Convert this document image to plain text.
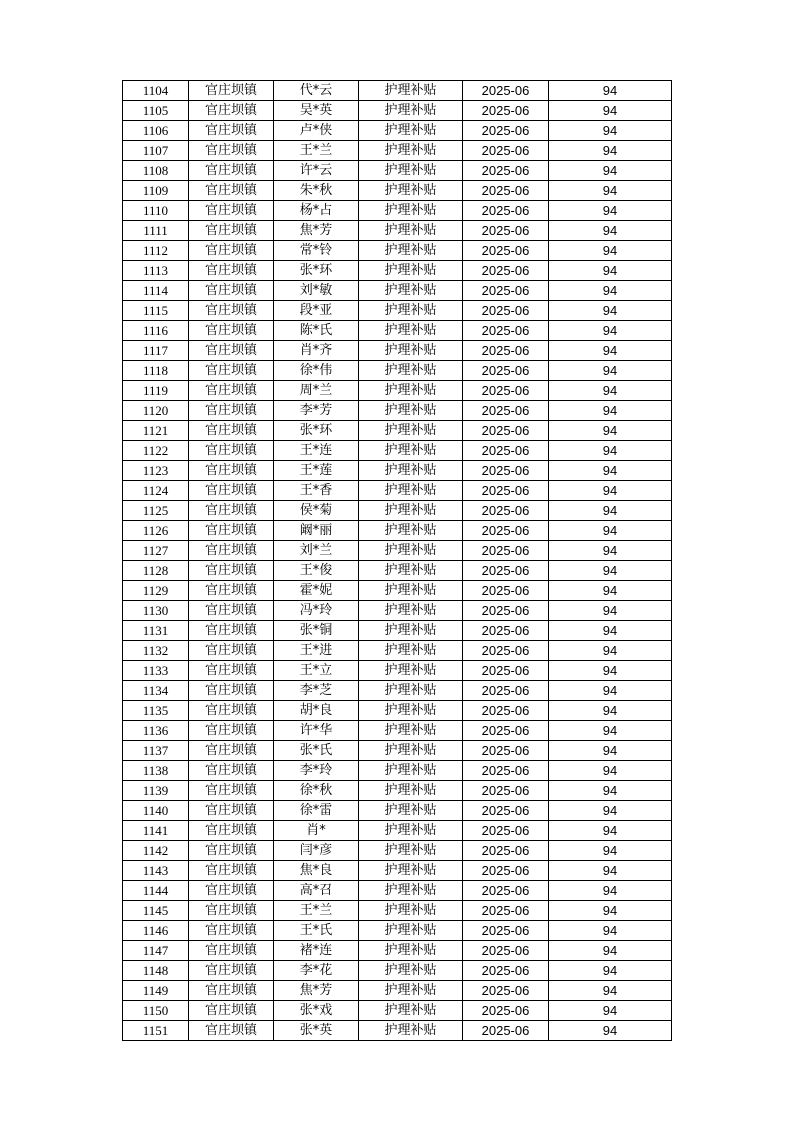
1104	官庄坝镇	代*云	护理补贴	2025-06	94
1105	官庄坝镇	吴*英	护理补贴	2025-06	94
1106	官庄坝镇	卢*侠	护理补贴	2025-06	94
1107	官庄坝镇	王*兰	护理补贴	2025-06	94
1108	官庄坝镇	许*云	护理补贴	2025-06	94
1109	官庄坝镇	朱*秋	护理补贴	2025-06	94
1110	官庄坝镇	杨*占	护理补贴	2025-06	94
1111	官庄坝镇	焦*芳	护理补贴	2025-06	94
1112	官庄坝镇	常*铃	护理补贴	2025-06	94
1113	官庄坝镇	张*环	护理补贴	2025-06	94
1114	官庄坝镇	刘*敏	护理补贴	2025-06	94
1115	官庄坝镇	段*亚	护理补贴	2025-06	94
1116	官庄坝镇	陈*氏	护理补贴	2025-06	94
1117	官庄坝镇	肖*齐	护理补贴	2025-06	94
1118	官庄坝镇	徐*伟	护理补贴	2025-06	94
1119	官庄坝镇	周*兰	护理补贴	2025-06	94
1120	官庄坝镇	李*芳	护理补贴	2025-06	94
1121	官庄坝镇	张*环	护理补贴	2025-06	94
1122	官庄坝镇	王*连	护理补贴	2025-06	94
1123	官庄坝镇	王*莲	护理补贴	2025-06	94
1124	官庄坝镇	王*香	护理补贴	2025-06	94
1125	官庄坝镇	侯*菊	护理补贴	2025-06	94
1126	官庄坝镇	阚*丽	护理补贴	2025-06	94
1127	官庄坝镇	刘*兰	护理补贴	2025-06	94
1128	官庄坝镇	王*俊	护理补贴	2025-06	94
1129	官庄坝镇	霍*妮	护理补贴	2025-06	94
1130	官庄坝镇	冯*玲	护理补贴	2025-06	94
1131	官庄坝镇	张*铜	护理补贴	2025-06	94
1132	官庄坝镇	王*进	护理补贴	2025-06	94
1133	官庄坝镇	王*立	护理补贴	2025-06	94
1134	官庄坝镇	李*芝	护理补贴	2025-06	94
1135	官庄坝镇	胡*良	护理补贴	2025-06	94
1136	官庄坝镇	许*华	护理补贴	2025-06	94
1137	官庄坝镇	张*氏	护理补贴	2025-06	94
1138	官庄坝镇	李*玲	护理补贴	2025-06	94
1139	官庄坝镇	徐*秋	护理补贴	2025-06	94
1140	官庄坝镇	徐*雷	护理补贴	2025-06	94
1141	官庄坝镇	肖*	护理补贴	2025-06	94
1142	官庄坝镇	闫*彦	护理补贴	2025-06	94
1143	官庄坝镇	焦*良	护理补贴	2025-06	94
1144	官庄坝镇	高*召	护理补贴	2025-06	94
1145	官庄坝镇	王*兰	护理补贴	2025-06	94
1146	官庄坝镇	王*氏	护理补贴	2025-06	94
1147	官庄坝镇	褚*连	护理补贴	2025-06	94
1148	官庄坝镇	李*花	护理补贴	2025-06	94
1149	官庄坝镇	焦*芳	护理补贴	2025-06	94
1150	官庄坝镇	张*戏	护理补贴	2025-06	94
1151	官庄坝镇	张*英	护理补贴	2025-06	94
